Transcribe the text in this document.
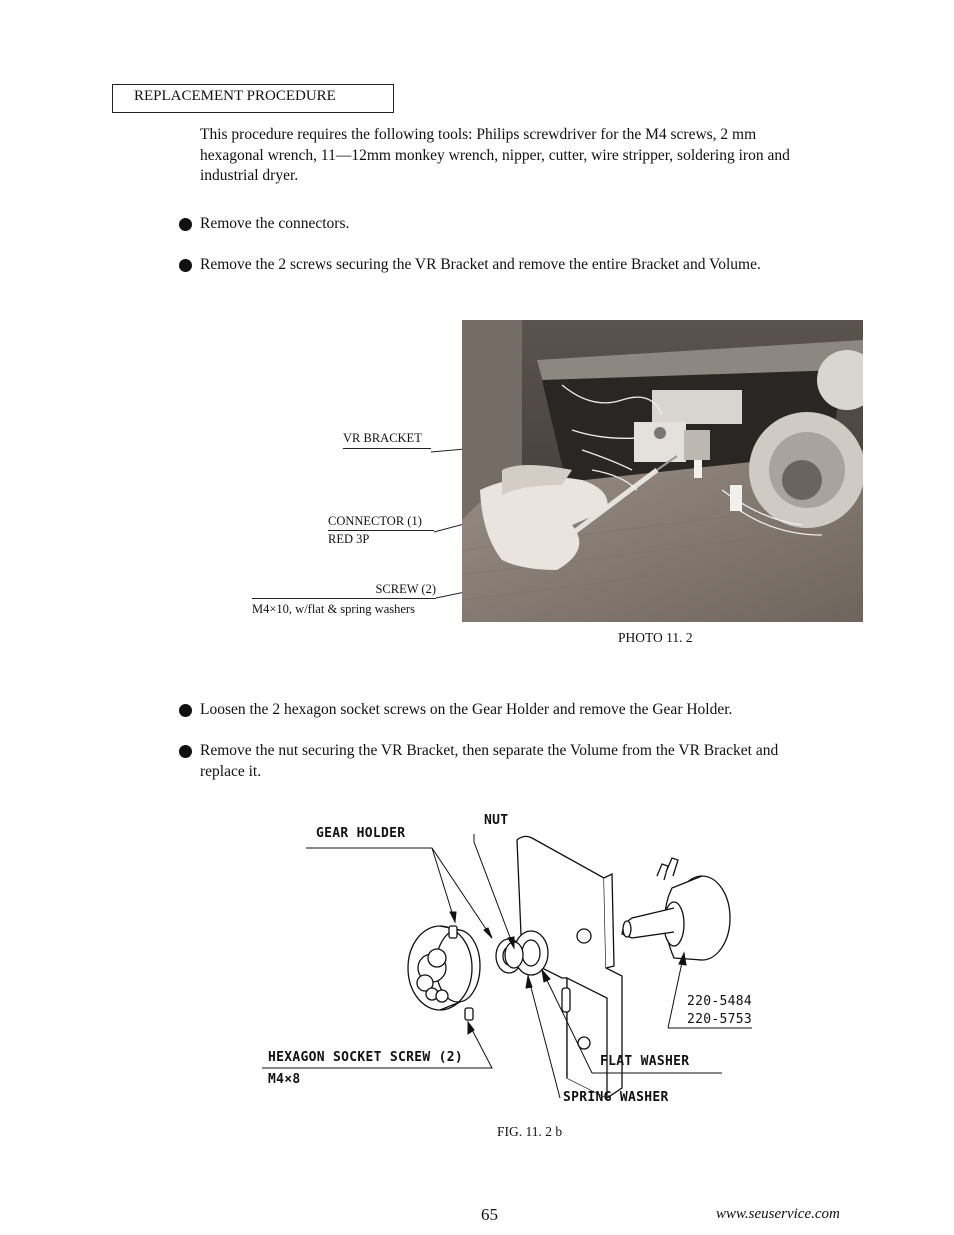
REPLACEMENT PROCEDURE
This procedure requires the following tools: Philips screwdriver for the M4 screws, 2 mm
hexagonal wrench, 11—12mm monkey wrench, nipper, cutter, wire stripper, soldering iron and
industrial dryer.
Remove the connectors.
Remove the 2 screws securing the VR Bracket and remove the entire Bracket and Volume.
VR BRACKET
CONNECTOR (1)
RED 3P
SCREW (2)
M4×10, w/flat & spring washers
PHOTO 11. 2
Loosen the 2 hexagon socket screws on the Gear Holder and remove the Gear Holder.
Remove the nut securing the VR Bracket, then separate the Volume from the VR Bracket and
replace it.
GEAR HOLDER
NUT
220-5484
220-5753
HEXAGON SOCKET SCREW (2)
M4×8
FLAT WASHER
SPRING WASHER
FIG. 11. 2 b
65	www.seuservice.com
